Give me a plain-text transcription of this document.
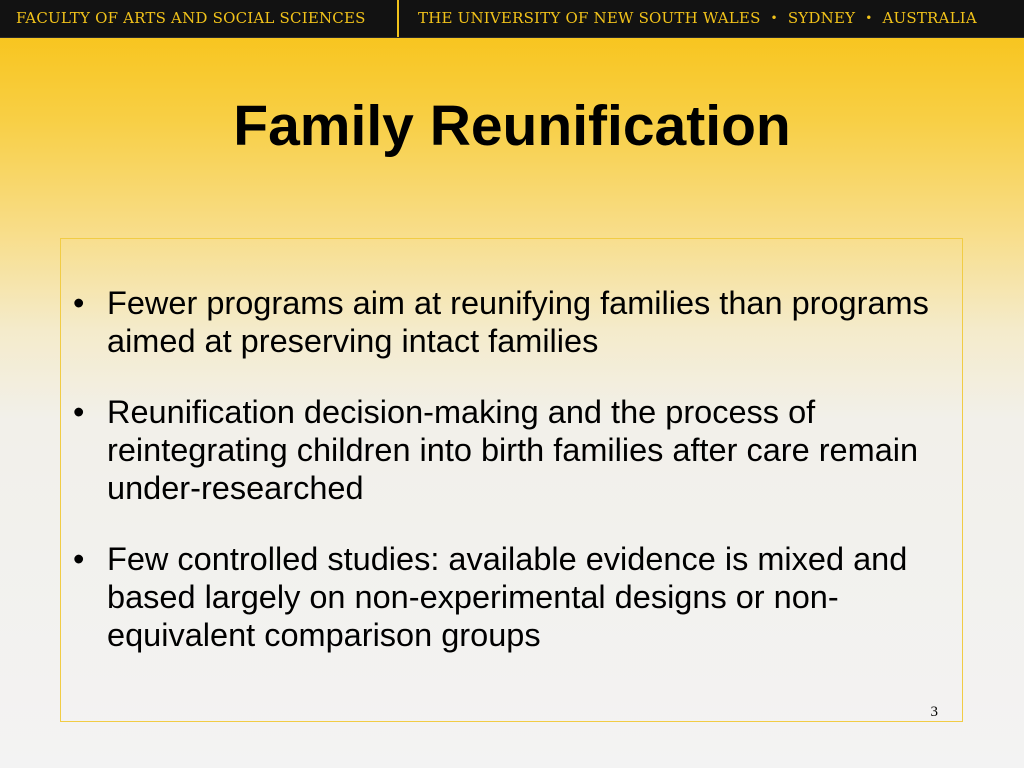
FACULTY OF ARTS AND SOCIAL SCIENCES	THE UNIVERSITY OF NEW SOUTH WALES • SYDNEY • AUSTRALIA
Family Reunification
• Fewer programs aim at reunifying families than programs aimed at preserving intact families
• Reunification decision-making and the process of reintegrating children into birth families after care remain under-researched
• Few controlled studies: available evidence is mixed and based largely on non-experimental designs or non-equivalent comparison groups
3
